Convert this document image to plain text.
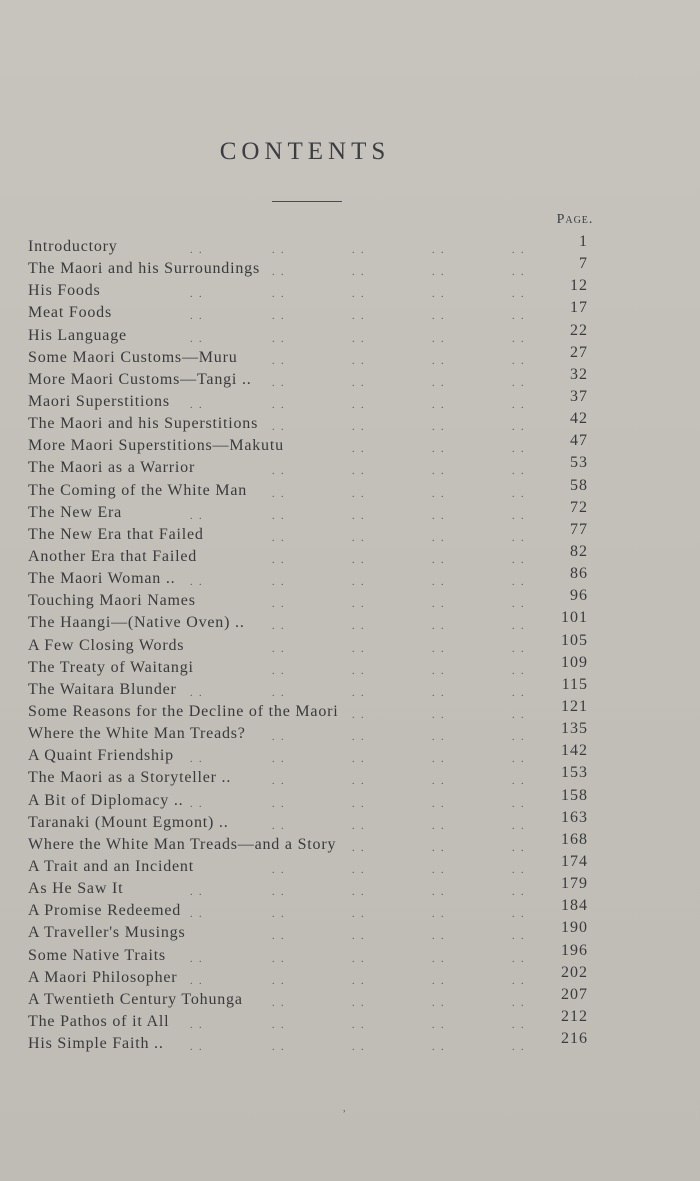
CONTENTS
Page.
. .	. .	. .	. .	. .
Introductory	1
. .	. .	. .	. .
The Maori and his Surroundings	7
. .	. .	. .	. .	. .
His Foods	12
. .	. .	. .	. .	. .
Meat Foods	17
. .	. .	. .	. .	. .
His Language	22
. .	. .	. .	. .
Some Maori Customs—Muru	27
. .	. .	. .	. .
More Maori Customs—Tangi ..	32
. .	. .	. .	. .	. .
Maori Superstitions	37
. .	. .	. .	. .
The Maori and his Superstitions	42
. .	. .	. .
More Maori Superstitions—Makutu	47
. .	. .	. .	. .
The Maori as a Warrior	53
. .	. .	. .	. .
The Coming of the White Man	58
. .	. .	. .	. .	. .
The New Era	72
. .	. .	. .	. .
The New Era that Failed	77
. .	. .	. .	. .
Another Era that Failed	82
. .	. .	. .	. .	. .
The Maori Woman ..	86
. .	. .	. .	. .
Touching Maori Names	96
. .	. .	. .	. .
The Haangi—(Native Oven) ..	101
. .	. .	. .	. .
A Few Closing Words	105
. .	. .	. .	. .
The Treaty of Waitangi	109
. .	. .	. .	. .	. .
The Waitara Blunder	115
. .	. .	. .
Some Reasons for the Decline of the Maori	121
. .	. .	. .	. .
Where the White Man Treads?	135
. .	. .	. .	. .	. .
A Quaint Friendship	142
. .	. .	. .	. .
The Maori as a Storyteller ..	153
. .	. .	. .	. .	. .
A Bit of Diplomacy ..	158
. .	. .	. .	. .
Taranaki (Mount Egmont) ..	163
. .	. .	. .
Where the White Man Treads—and a Story	168
. .	. .	. .	. .
A Trait and an Incident	174
. .	. .	. .	. .	. .
As He Saw It	179
. .	. .	. .	. .	. .
A Promise Redeemed	184
. .	. .	. .	. .
A Traveller's Musings	190
. .	. .	. .	. .	. .
Some Native Traits	196
. .	. .	. .	. .	. .
A Maori Philosopher	202
. .	. .	. .	. .
A Twentieth Century Tohunga	207
. .	. .	. .	. .	. .
The Pathos of it All	212
. .	. .	. .	. .	. .
His Simple Faith ..	216
,
